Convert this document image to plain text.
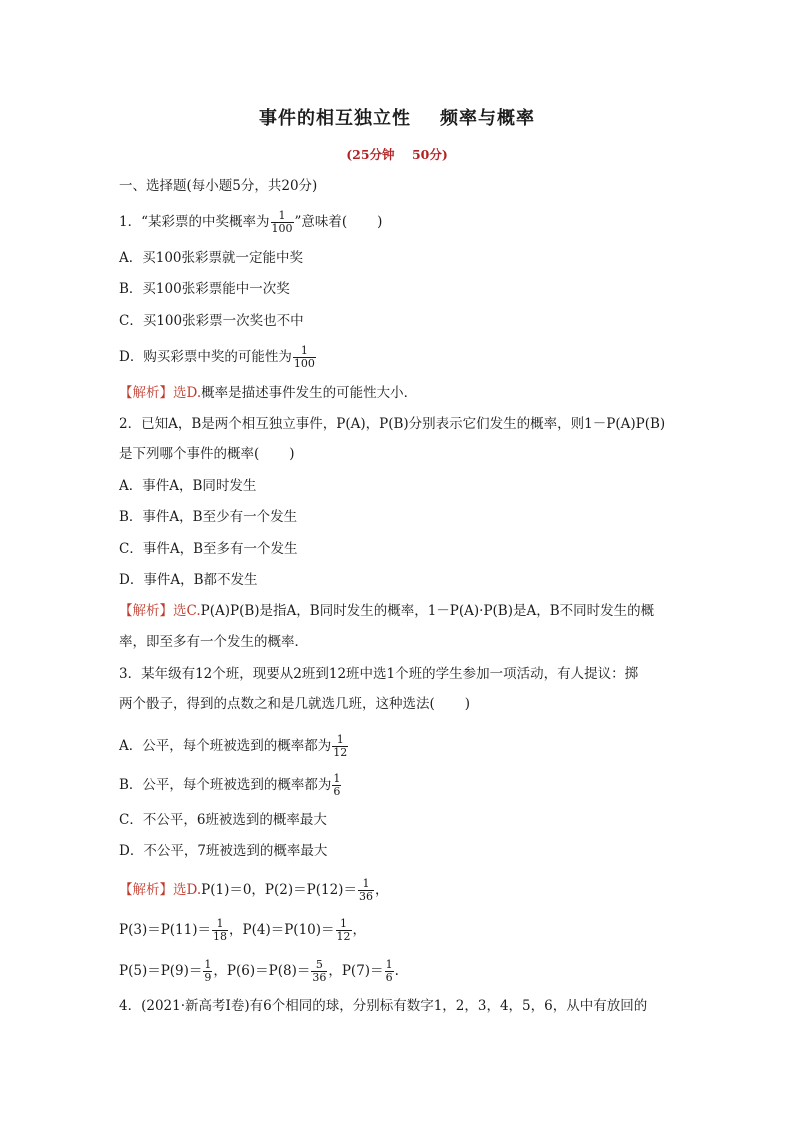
事件的相互独立性    频率与概率
(25分钟    50分)
一、选择题(每小题5分，共20分)
1．“某彩票的中奖概率为 $\frac{1}{100}$ ”意味着( )
A．买100张彩票就一定能中奖
B．买100张彩票能中一次奖
C．买100张彩票一次奖也不中
D．购买彩票中奖的可能性为 $\frac{1}{100}$
【解析】选D.概率是描述事件发生的可能性大小．
2．已知A，B是两个相互独立事件，P(A)，P(B)分别表示它们发生的概率，则1－P(A)P(B)
是下列哪个事件的概率( )
A．事件A，B同时发生
B．事件A，B至少有一个发生
C．事件A，B至多有一个发生
D．事件A，B都不发生
【解析】选C.P(A)P(B)是指A，B同时发生的概率，1－P(A)·P(B)是A，B不同时发生的概
率，即至多有一个发生的概率．
3．某年级有12个班，现要从2班到12班中选1个班的学生参加一项活动，有人提议：掷
两个骰子，得到的点数之和是几就选几班，这种选法( )
A．公平，每个班被选到的概率都为 $\frac{1}{12}$
B．公平，每个班被选到的概率都为 $\frac{1}{6}$
C．不公平，6班被选到的概率最大
D．不公平，7班被选到的概率最大
【解析】选D.P(1)＝0，$P(2)=P(12)= \frac{1}{36}$ ，
$P(3)=P(11)= \frac{1}{18}$ ，$P(4)=P(10)= \frac{1}{12}$ ，
$P(5)=P(9)= \frac{1}{9}$ ，$P(6)=P(8)= \frac{5}{36}$ ，$P(7)= \frac{1}{6}$ .
4．(2021·新高考Ⅰ卷)有6个相同的球，分别标有数字1，2，3，4，5，6，从中有放回的
